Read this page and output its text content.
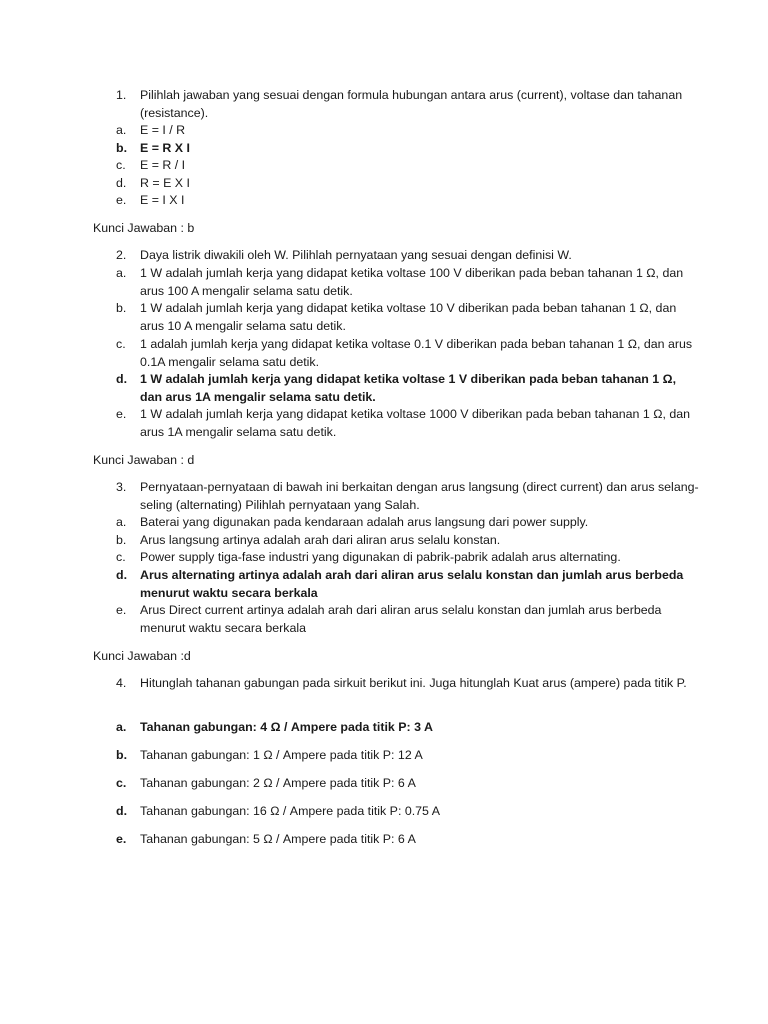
1. Pilihlah jawaban yang sesuai dengan formula hubungan antara arus (current), voltase dan tahanan (resistance).
a. E = I / R
b. E = R X I
c. E = R / I
d. R = E X I
e. E = I X I
Kunci Jawaban : b
2. Daya listrik diwakili oleh W. Pilihlah pernyataan yang sesuai dengan definisi W.
a. 1 W adalah jumlah kerja yang didapat ketika voltase 100 V diberikan pada beban tahanan 1 Ω, dan arus 100 A mengalir selama satu detik.
b. 1 W adalah jumlah kerja yang didapat ketika voltase 10 V diberikan pada beban tahanan 1 Ω, dan arus 10 A mengalir selama satu detik.
c. 1 adalah jumlah kerja yang didapat ketika voltase 0.1 V diberikan pada beban tahanan 1 Ω, dan arus 0.1A mengalir selama satu detik.
d. 1 W adalah jumlah kerja yang didapat ketika voltase 1 V diberikan pada beban tahanan 1 Ω, dan arus 1A mengalir selama satu detik.
e. 1 W adalah jumlah kerja yang didapat ketika voltase 1000 V diberikan pada beban tahanan 1 Ω, dan arus 1A mengalir selama satu detik.
Kunci Jawaban : d
3. Pernyataan-pernyataan di bawah ini berkaitan dengan arus langsung (direct current) dan arus selang-seling (alternating) Pilihlah pernyataan yang Salah.
a. Baterai yang digunakan pada kendaraan adalah arus langsung dari power supply.
b. Arus langsung artinya adalah arah dari aliran arus selalu konstan.
c. Power supply tiga-fase industri yang digunakan di pabrik-pabrik adalah arus alternating.
d. Arus alternating artinya adalah arah dari aliran arus selalu konstan dan jumlah arus berbeda menurut waktu secara berkala
e. Arus Direct current artinya adalah arah dari aliran arus selalu konstan dan jumlah arus berbeda menurut waktu secara berkala
Kunci Jawaban :d
4. Hitunglah tahanan gabungan pada sirkuit berikut ini. Juga hitunglah Kuat arus (ampere) pada titik P.
a. Tahanan gabungan: 4 Ω / Ampere pada titik P: 3 A
b. Tahanan gabungan: 1 Ω / Ampere pada titik P: 12 A
c. Tahanan gabungan: 2 Ω / Ampere pada titik P: 6 A
d. Tahanan gabungan: 16 Ω / Ampere pada titik P: 0.75 A
e. Tahanan gabungan: 5 Ω / Ampere pada titik P: 6 A
